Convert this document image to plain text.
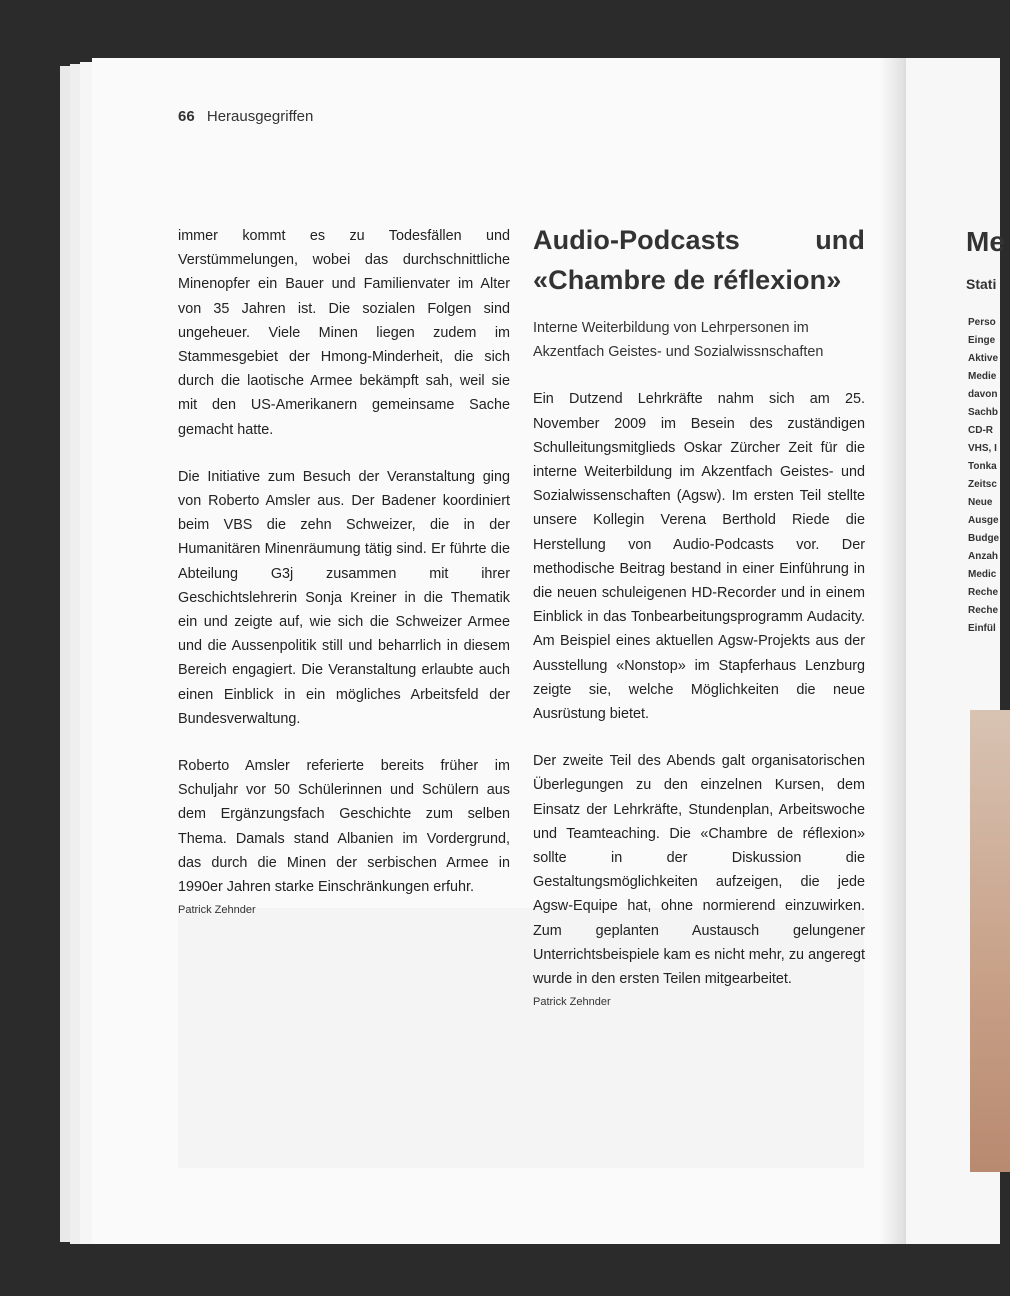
66 Herausgegriffen

immer kommt es zu Todesfällen und Verstümmelungen, wobei das durchschnittliche Minenopfer ein Bauer und Familienvater im Alter von 35 Jahren ist. Die sozialen Folgen sind ungeheuer. Viele Minen liegen zudem im Stammesgebiet der Hmong-Minderheit, die sich durch die laotische Armee bekämpft sah, weil sie mit den US-Amerikanern gemeinsame Sache gemacht hatte.

Die Initiative zum Besuch der Veranstaltung ging von Roberto Amsler aus. Der Badener koordiniert beim VBS die zehn Schweizer, die in der Humanitären Minenräumung tätig sind. Er führte die Abteilung G3j zusammen mit ihrer Geschichtslehrerin Sonja Kreiner in die Thematik ein und zeigte auf, wie sich die Schweizer Armee und die Aussenpolitik still und beharrlich in diesem Bereich engagiert. Die Veranstaltung erlaubte auch einen Einblick in ein mögliches Arbeitsfeld der Bundesverwaltung.

Roberto Amsler referierte bereits früher im Schuljahr vor 50 Schülerinnen und Schülern aus dem Ergänzungsfach Geschichte zum selben Thema. Damals stand Albanien im Vordergrund, das durch die Minen der serbischen Armee in 1990er Jahren starke Einschränkungen erfuhr.

Patrick Zehnder

Audio-Podcasts und «Chambre de réflexion»

Interne Weiterbildung von Lehrpersonen im Akzentfach Geistes- und Sozialwissnschaften

Ein Dutzend Lehrkräfte nahm sich am 25. November 2009 im Besein des zuständigen Schulleitungsmitglieds Oskar Zürcher Zeit für die interne Weiterbildung im Akzentfach Geistes- und Sozialwissenschaften (Agsw). Im ersten Teil stellte unsere Kollegin Verena Berthold Riede die Herstellung von Audio-Podcasts vor. Der methodische Beitrag bestand in einer Einführung in die neuen schuleigenen HD-Recorder und in einem Einblick in das Tonbearbeitungsprogramm Audacity. Am Beispiel eines aktuellen Agsw-Projekts aus der Ausstellung «Nonstop» im Stapferhaus Lenzburg zeigte sie, welche Möglichkeiten die neue Ausrüstung bietet.

Der zweite Teil des Abends galt organisatorischen Überlegungen zu den einzelnen Kursen, dem Einsatz der Lehrkräfte, Stundenplan, Arbeitswoche und Teamteaching. Die «Chambre de réflexion» sollte in der Diskussion die Gestaltungsmöglichkeiten aufzeigen, die jede Agsw-Equipe hat, ohne normierend einzuwirken. Zum geplanten Austausch gelungener Unterrichtsbeispiele kam es nicht mehr, zu angeregt wurde in den ersten Teilen mitgearbeitet.

Patrick Zehnder

Me
Stati
Perso
Einge
Aktive
Medie
davon
Sachb
CD-R
VHS, I
Tonka
Zeitsc
Neue
Ausge
Budge
Anzah
Medic
Reche
Reche
Einfül
